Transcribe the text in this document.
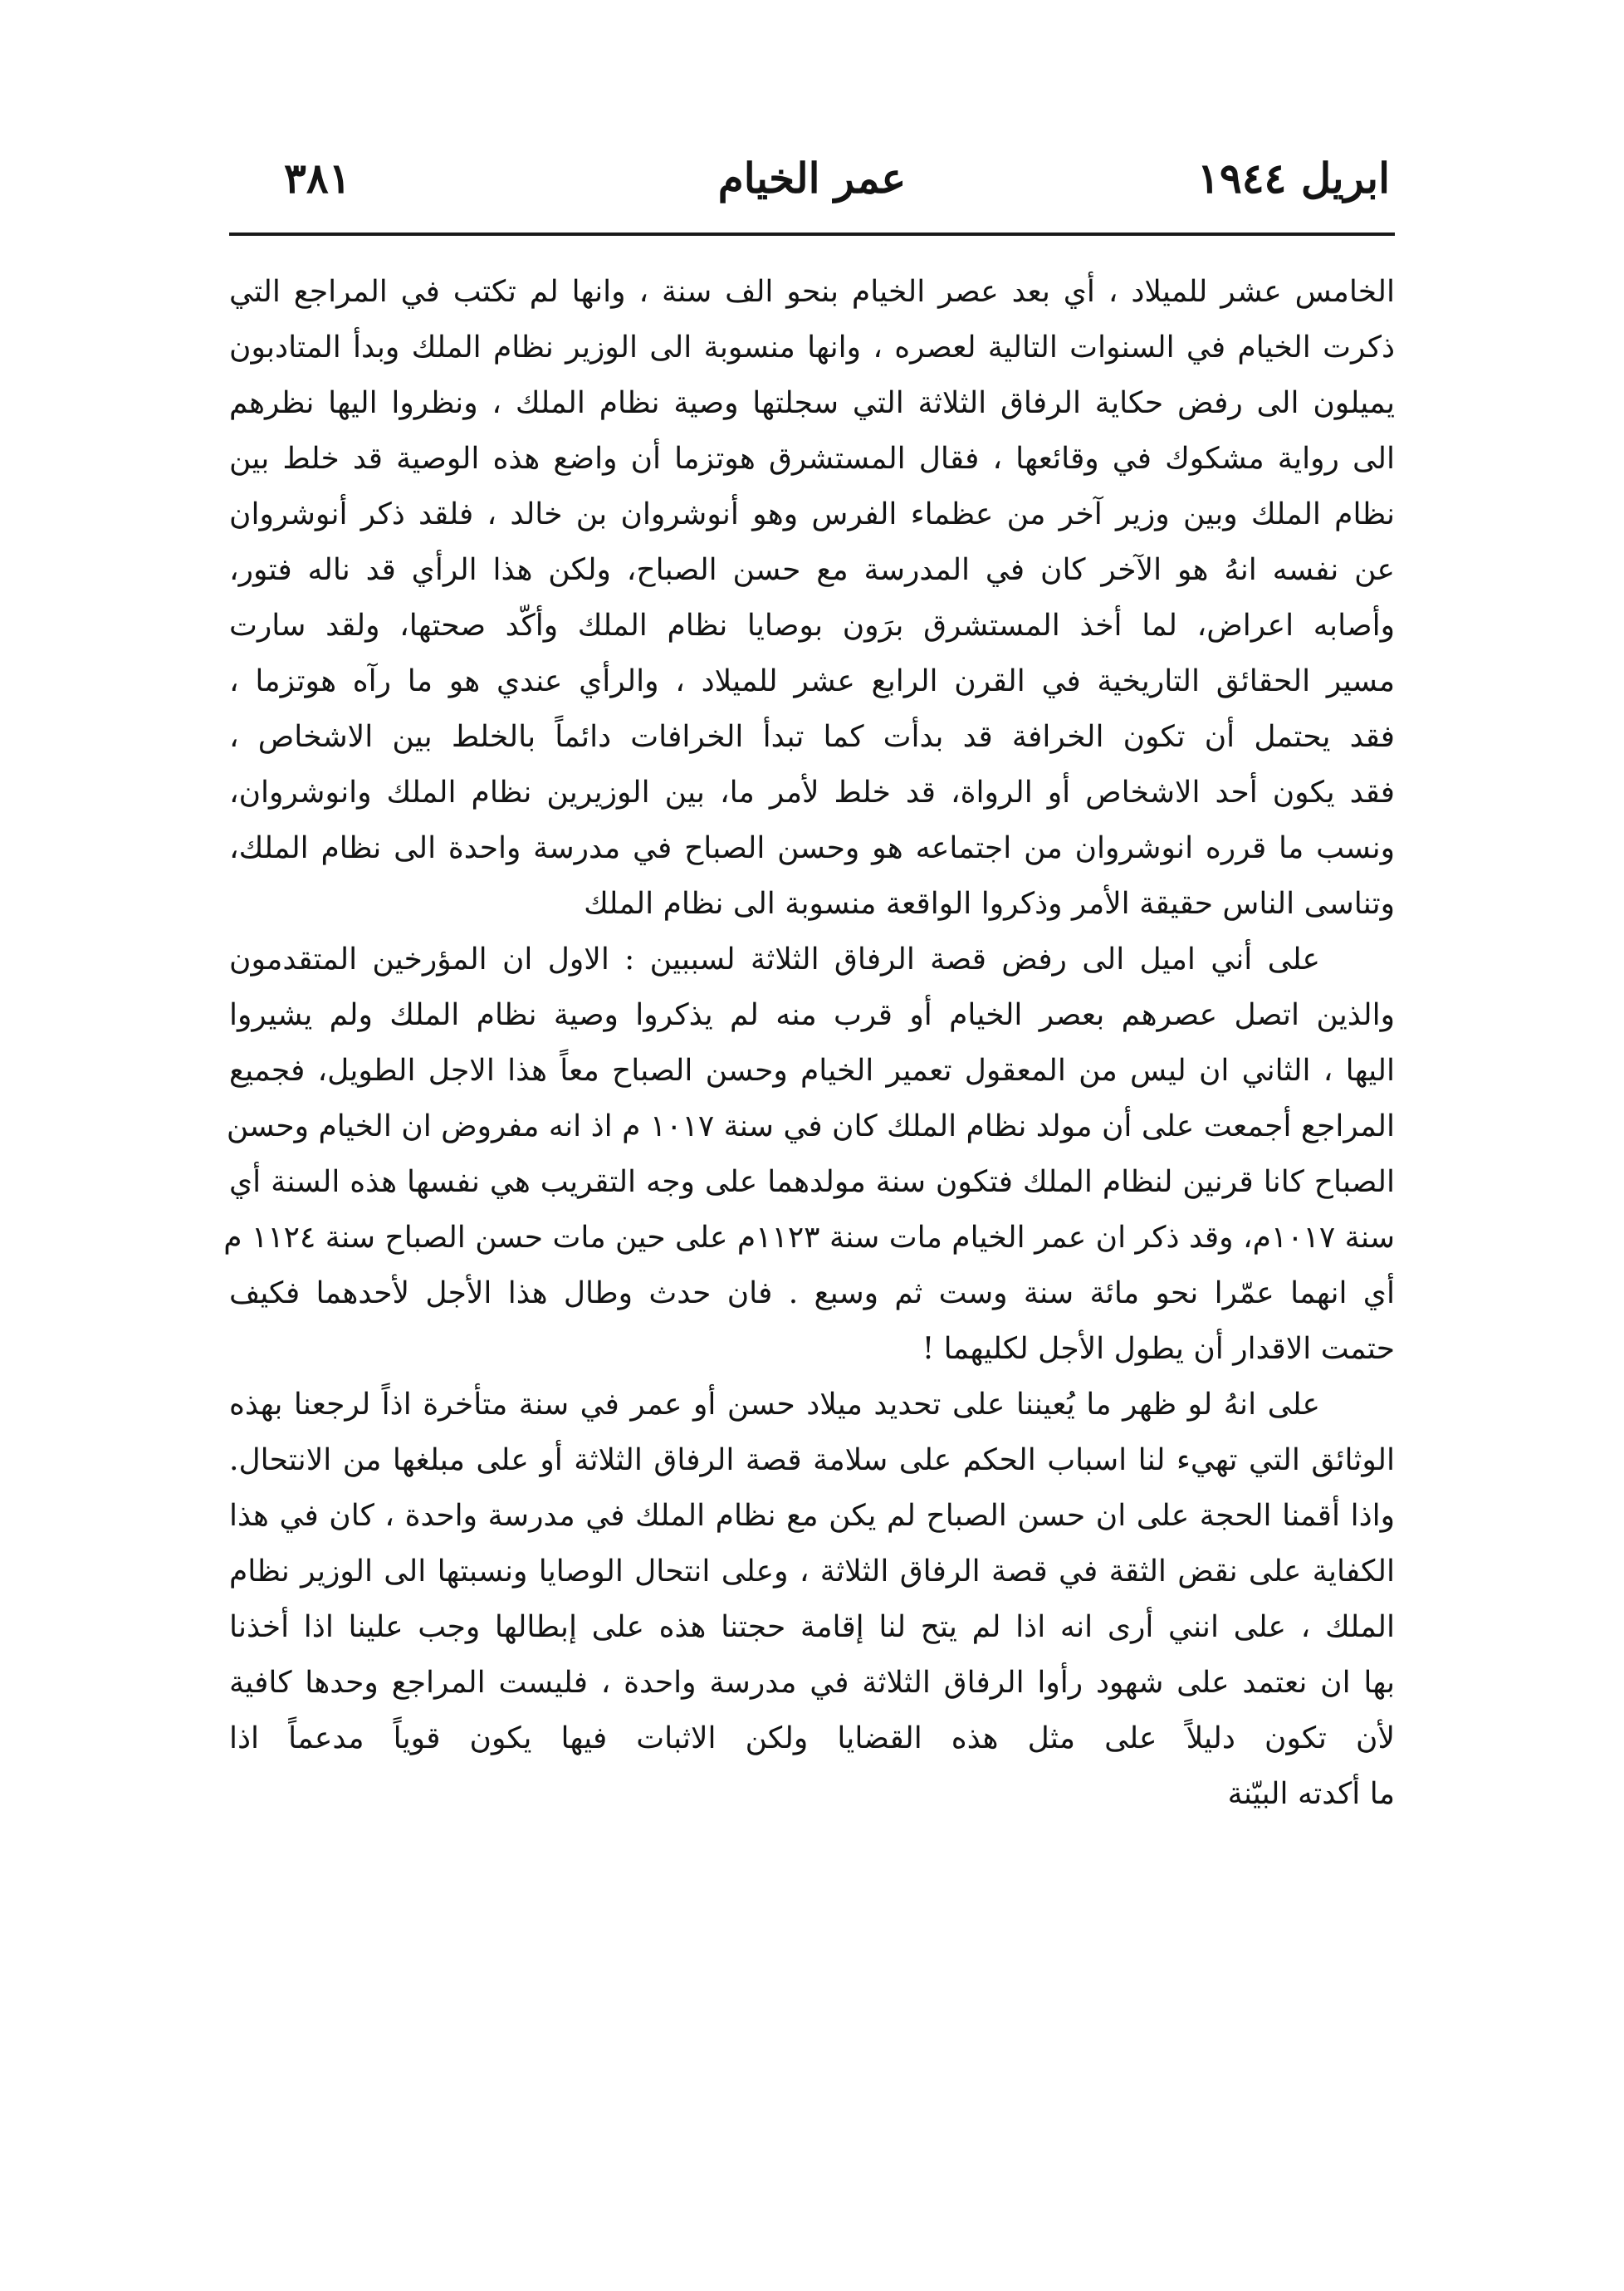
ابريل ١٩٤٤
عمر الخيام
٣٨١
الخامس عشر للميلاد ، أي بعد عصر الخيام بنحو الف سنة ، وانها لم تكتب في المراجع التي
ذكرت الخيام في السنوات التالية لعصره ، وانها منسوبة الى الوزير نظام الملك وبدأ المتادبون
يميلون الى رفض حكاية الرفاق الثلاثة التي سجلتها وصية نظام الملك ، ونظروا اليها نظرهم
الى رواية مشكوك في وقائعها ، فقال المستشرق هوتزما أن واضع هذه الوصية قد خلط بين
نظام الملك وبين وزير آخر من عظماء الفرس وهو أنوشروان بن خالد ، فلقد ذكر أنوشروان
عن نفسه انهُ هو الآخر كان في المدرسة مع حسن الصباح، ولكن هذا الرأي قد ناله فتور،
وأصابه اعراض، لما أخذ المستشرق برَون بوصايا نظام الملك وأكّد صحتها، ولقد سارت
مسير الحقائق التاريخية في القرن الرابع عشر للميلاد ، والرأي عندي هو ما رآه هوتزما ،
فقد يحتمل أن تكون الخرافة قد بدأت كما تبدأ الخرافات دائماً بالخلط بين الاشخاص ،
فقد يكون أحد الاشخاص أو الرواة، قد خلط لأمر ما، بين الوزيرين نظام الملك وانوشروان،
ونسب ما قرره انوشروان من اجتماعه هو وحسن الصباح في مدرسة واحدة الى نظام الملك،
وتناسى الناس حقيقة الأمر وذكروا الواقعة منسوبة الى نظام الملك
على أني اميل الى رفض قصة الرفاق الثلاثة لسببين : الاول ان المؤرخين المتقدمون
والذين اتصل عصرهم بعصر الخيام أو قرب منه لم يذكروا وصية نظام الملك ولم يشيروا
اليها ، الثاني ان ليس من المعقول تعمير الخيام وحسن الصباح معاً هذا الاجل الطويل، فجميع
المراجع أجمعت على أن مولد نظام الملك كان في سنة ١٠١٧ م اذ انه مفروض ان الخيام وحسن
الصباح كانا قرنين لنظام الملك فتكون سنة مولدهما على وجه التقريب هي نفسها هذه السنة أي
سنة ١٠١٧م، وقد ذكر ان عمر الخيام مات سنة ١١٢٣م على حين مات حسن الصباح سنة ١١٢٤ م
أي انهما عمّرا نحو مائة سنة وست ثم وسبع . فان حدث وطال هذا الأجل لأحدهما فكيف
حتمت الاقدار أن يطول الأجل لكليهما !
على انهُ لو ظهر ما يُعيننا على تحديد ميلاد حسن أو عمر في سنة متأخرة اذاً لرجعنا بهذه
الوثائق التي تهيء لنا اسباب الحكم على سلامة قصة الرفاق الثلاثة أو على مبلغها من الانتحال.
واذا أقمنا الحجة على ان حسن الصباح لم يكن مع نظام الملك في مدرسة واحدة ، كان في هذا
الكفاية على نقض الثقة في قصة الرفاق الثلاثة ، وعلى انتحال الوصايا ونسبتها الى الوزير نظام
الملك ، على انني أرى انه اذا لم يتح لنا إقامة حجتنا هذه على إبطالها وجب علينا اذا أخذنا
بها ان نعتمد على شهود رأوا الرفاق الثلاثة في مدرسة واحدة ، فليست المراجع وحدها كافية
لأن تكون دليلاً على مثل هذه القضايا ولكن الاثبات فيها يكون قوياً مدعماً اذا
ما أكدته البيّنة
